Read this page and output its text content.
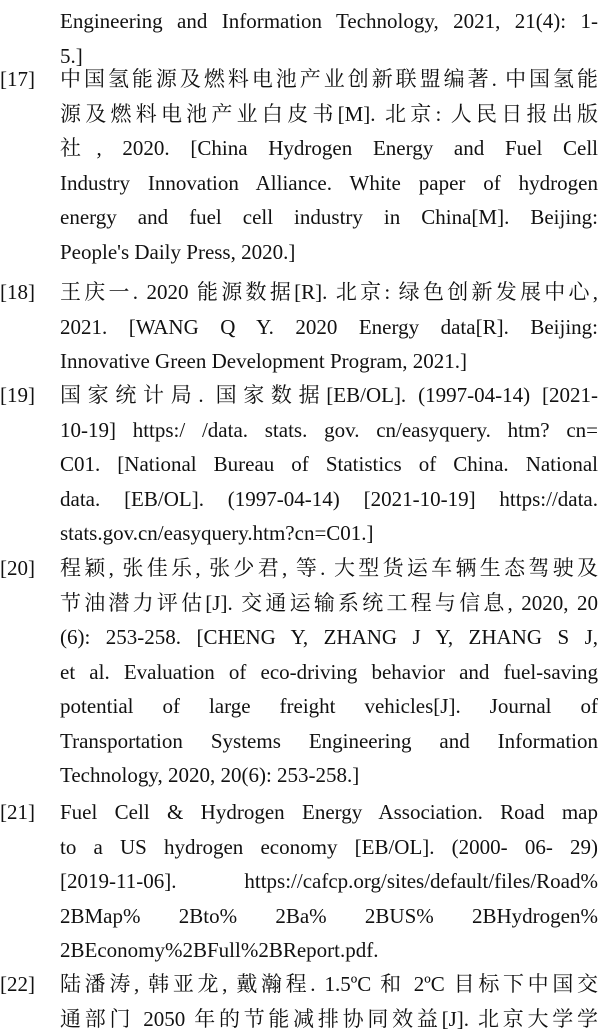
Engineering and Information Technology, 2021, 21(4): 1-
5.]
[17] 中国氢能源及燃料电池产业创新联盟编著. 中国氢能
源及燃料电池产业白皮书[M]. 北京: 人民日报出版
社, 2020. [China Hydrogen Energy and Fuel Cell
Industry Innovation Alliance. White paper of hydrogen
energy and fuel cell industry in China[M]. Beijing:
People's Daily Press, 2020.]
[18] 王庆一. 2020 能源数据[R]. 北京: 绿色创新发展中心,
2021. [WANG Q Y. 2020 Energy data[R]. Beijing:
Innovative Green Development Program, 2021.]
[19] 国家统计局. 国家数据[EB/OL]. (1997-04-14) [2021-
10-19] https:/ /data. stats. gov. cn/easyquery. htm? cn=
C01. [National Bureau of Statistics of China. National
data. [EB/OL]. (1997-04-14) [2021-10-19] https://data.
stats.gov.cn/easyquery.htm?cn=C01.]
[20] 程颖, 张佳乐, 张少君, 等. 大型货运车辆生态驾驶及
节油潜力评估[J]. 交通运输系统工程与信息, 2020, 20
(6): 253-258. [CHENG Y, ZHANG J Y, ZHANG S J,
et al. Evaluation of eco-driving behavior and fuel-saving
potential of large freight vehicles[J]. Journal of
Transportation Systems Engineering and Information
Technology, 2020, 20(6): 253-258.]
[21] Fuel Cell & Hydrogen Energy Association. Road map
to a US hydrogen economy [EB/OL]. (2000- 06- 29)
[2019-11-06]. https://cafcp.org/sites/default/files/Road%
2BMap% 2Bto% 2Ba% 2BUS% 2BHydrogen%
2BEconomy%2BFull%2BReport.pdf.
[22] 陆潘涛, 韩亚龙, 戴瀚程. 1.5ºC 和 2ºC 目标下中国交
通部门 2050 年的节能减排协同效益[J]. 北京大学学
